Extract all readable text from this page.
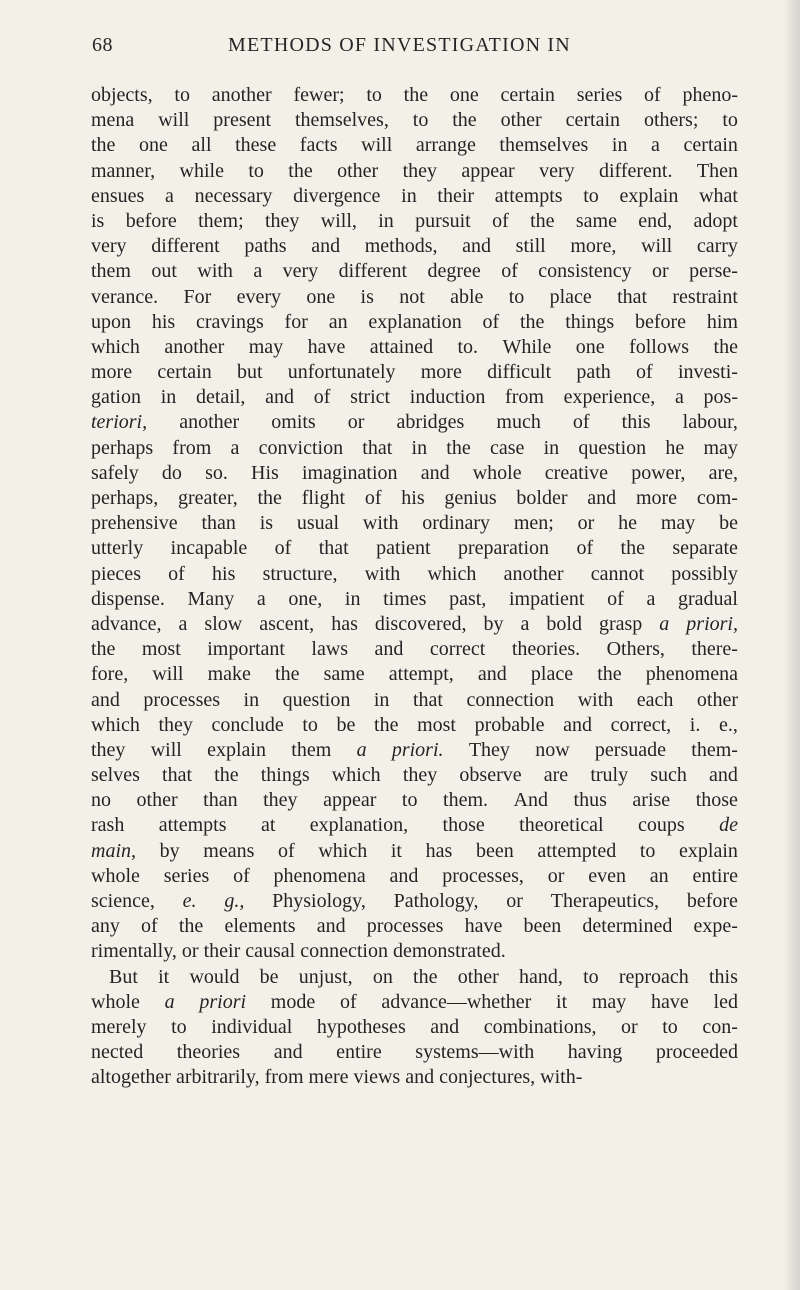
68	METHODS OF INVESTIGATION IN
objects, to another fewer; to the one certain series of pheno-
mena will present themselves, to the other certain others; to
the one all these facts will arrange themselves in a certain
manner, while to the other they appear very different. Then
ensues a necessary divergence in their attempts to explain what
is before them; they will, in pursuit of the same end, adopt
very different paths and methods, and still more, will carry
them out with a very different degree of consistency or perse-
verance. For every one is not able to place that restraint
upon his cravings for an explanation of the things before him
which another may have attained to. While one follows the
more certain but unfortunately more difficult path of investi-
gation in detail, and of strict induction from experience, a pos-
teriori, another omits or abridges much of this labour,
perhaps from a conviction that in the case in question he may
safely do so. His imagination and whole creative power, are,
perhaps, greater, the flight of his genius bolder and more com-
prehensive than is usual with ordinary men; or he may be
utterly incapable of that patient preparation of the separate
pieces of his structure, with which another cannot possibly
dispense. Many a one, in times past, impatient of a gradual
advance, a slow ascent, has discovered, by a bold grasp a priori,
the most important laws and correct theories. Others, there-
fore, will make the same attempt, and place the phenomena
and processes in question in that connection with each other
which they conclude to be the most probable and correct, i. e.,
they will explain them a priori. They now persuade them-
selves that the things which they observe are truly such and
no other than they appear to them. And thus arise those
rash attempts at explanation, those theoretical coups de
main, by means of which it has been attempted to explain
whole series of phenomena and processes, or even an entire
science, e. g., Physiology, Pathology, or Therapeutics, before
any of the elements and processes have been determined expe-
rimentally, or their causal connection demonstrated.
But it would be unjust, on the other hand, to reproach this
whole a priori mode of advance—whether it may have led
merely to individual hypotheses and combinations, or to con-
nected theories and entire systems—with having proceeded
altogether arbitrarily, from mere views and conjectures, with-
